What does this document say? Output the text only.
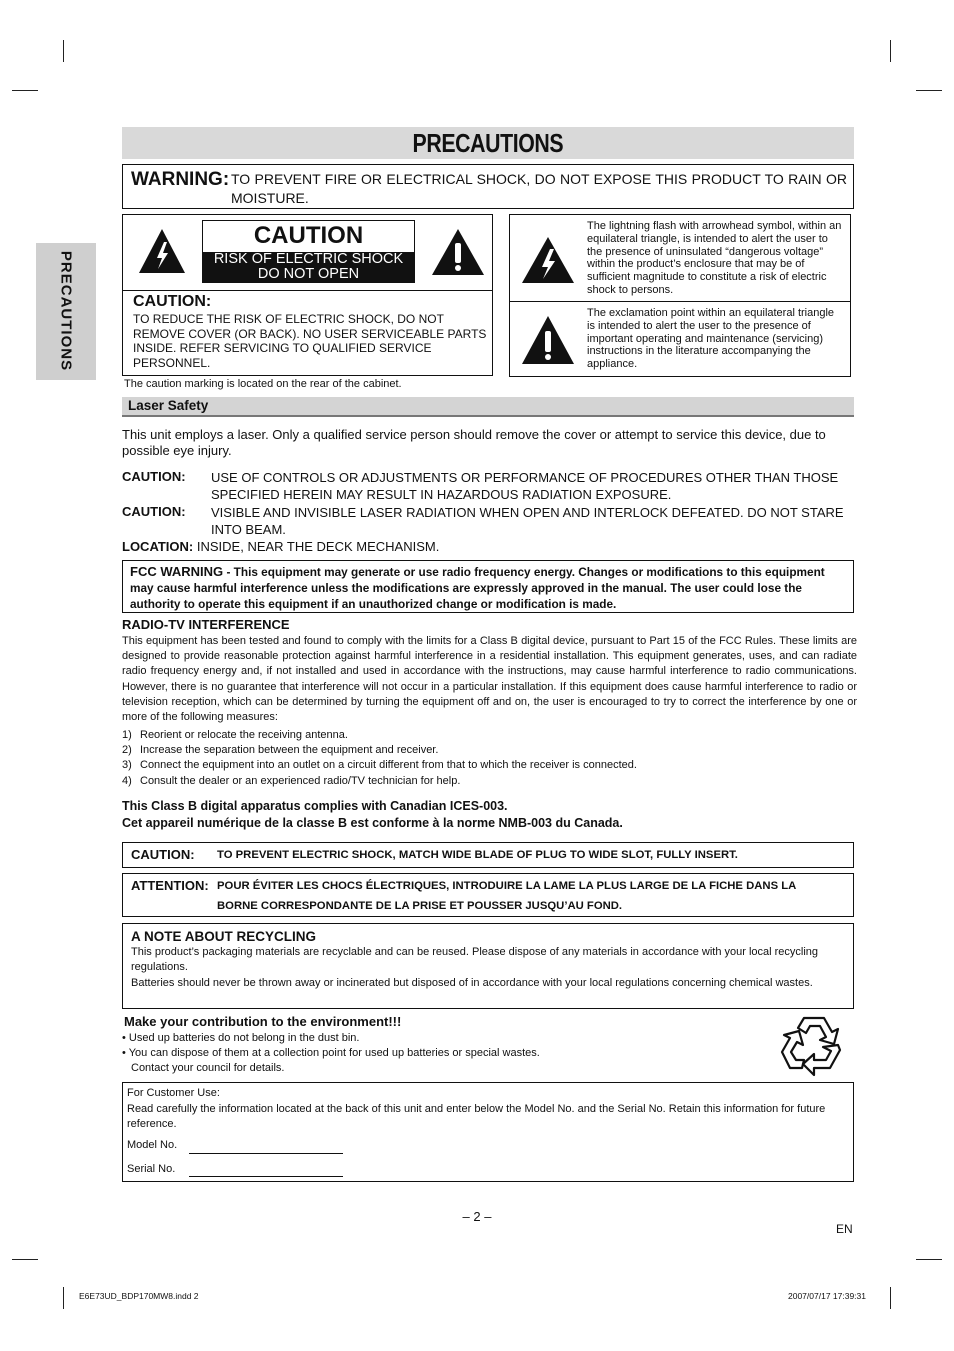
PRECAUTIONS
PRECAUTIONS
WARNING: TO PREVENT FIRE OR ELECTRICAL SHOCK, DO NOT EXPOSE THIS PRODUCT TO RAIN OR MOISTURE.
CAUTION
RISK OF ELECTRIC SHOCK
DO NOT OPEN
CAUTION:
TO REDUCE THE RISK OF ELECTRIC SHOCK, DO NOT REMOVE COVER (OR BACK). NO USER SERVICEABLE PARTS INSIDE. REFER SERVICING TO QUALIFIED SERVICE PERSONNEL.
The lightning flash with arrowhead symbol, within an equilateral triangle, is intended to alert the user to the presence of uninsulated “dangerous voltage” within the product’s enclosure that may be of sufficient magnitude to constitute a risk of electric shock to persons.
The exclamation point within an equilateral triangle is intended to alert the user to the presence of important operating and maintenance (servicing) instructions in the literature accompanying the appliance.
The caution marking is located on the rear of the cabinet.
Laser Safety
This unit employs a laser. Only a qualified service person should remove the cover or attempt to service this device, due to possible eye injury.
CAUTION: USE OF CONTROLS OR ADJUSTMENTS OR PERFORMANCE OF PROCEDURES OTHER THAN THOSE SPECIFIED HEREIN MAY RESULT IN HAZARDOUS RADIATION EXPOSURE.
CAUTION: VISIBLE AND INVISIBLE LASER RADIATION WHEN OPEN AND INTERLOCK DEFEATED. DO NOT STARE INTO BEAM.
LOCATION: INSIDE, NEAR THE DECK MECHANISM.
FCC WARNING - This equipment may generate or use radio frequency energy. Changes or modifications to this equipment may cause harmful interference unless the modifications are expressly approved in the manual. The user could lose the authority to operate this equipment if an unauthorized change or modification is made.
RADIO-TV INTERFERENCE
This equipment has been tested and found to comply with the limits for a Class B digital device, pursuant to Part 15 of the FCC Rules. These limits are designed to provide reasonable protection against harmful interference in a residential installation. This equipment generates, uses, and can radiate radio frequency energy and, if not installed and used in accordance with the instructions, may cause harmful interference to radio communications. However, there is no guarantee that interference will not occur in a particular installation. If this equipment does cause harmful interference to radio or television reception, which can be determined by turning the equipment off and on, the user is encouraged to try to correct the interference by one or more of the following measures:
1) Reorient or relocate the receiving antenna.
2) Increase the separation between the equipment and receiver.
3) Connect the equipment into an outlet on a circuit different from that to which the receiver is connected.
4) Consult the dealer or an experienced radio/TV technician for help.
This Class B digital apparatus complies with Canadian ICES-003.
Cet appareil numérique de la classe B est conforme à la norme NMB-003 du Canada.
CAUTION: TO PREVENT ELECTRIC SHOCK, MATCH WIDE BLADE OF PLUG TO WIDE SLOT, FULLY INSERT.
ATTENTION: POUR ÉVITER LES CHOCS ÉLECTRIQUES, INTRODUIRE LA LAME LA PLUS LARGE DE LA FICHE DANS LA
BORNE CORRESPONDANTE DE LA PRISE ET POUSSER JUSQU’AU FOND.
A NOTE ABOUT RECYCLING
This product’s packaging materials are recyclable and can be reused. Please dispose of any materials in accordance with your local recycling regulations.
Batteries should never be thrown away or incinerated but disposed of in accordance with your local regulations concerning chemical wastes.
Make your contribution to the environment!!!
• Used up batteries do not belong in the dust bin.
• You can dispose of them at a collection point for used up batteries or special wastes.
Contact your council for details.
For Customer Use:
Read carefully the information located at the back of this unit and enter below the Model No. and the Serial No. Retain this information for future reference.
Model No.
Serial No.
– 2 –
EN
E6E73UD_BDP170MW8.indd 2	2007/07/17 17:39:31
